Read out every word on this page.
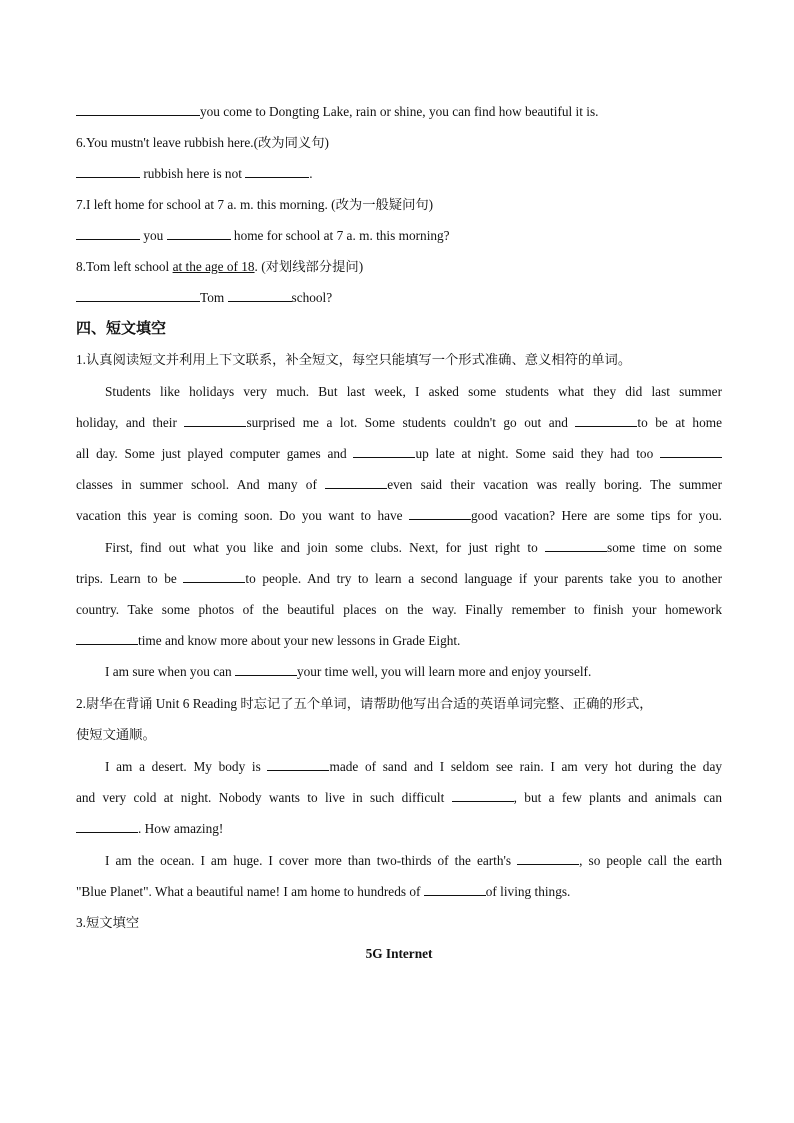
you come to Dongting Lake, rain or shine, you can find how beautiful it is.
6.You mustn't leave rubbish here.(改为同义句)
rubbish here is not	.
7.I left home for school at 7 a. m. this morning. (改为一般疑问句)
you	home for school at 7 a. m. this morning?
8.Tom left school at the age of 18. (对划线部分提问)
Tom	school?
四、短文填空
1.认真阅读短文并利用上下文联系，补全短文，每空只能填写一个形式准确、意义相符的单词。
Students like holidays very much. But last week, I asked some students what they did last summer
holiday, and their	surprised me a lot. Some students couldn't go out and	to be at home
all day. Some just played computer games and	up late at night. Some said they had too
classes in summer school. And many of	even said their vacation was really boring. The summer
vacation this year is coming soon. Do you want to have	good vacation? Here are some tips for you.
First, find out what you like and join some clubs. Next, for just right to	some time on some
trips. Learn to be	to people. And try to learn a second language if your parents take you to another
country. Take some photos of the beautiful places on the way. Finally remember to finish your homework
time and know more about your new lessons in Grade Eight.
I am sure when you can	your time well, you will learn more and enjoy yourself.
2.尉华在背诵 Unit 6 Reading 时忘记了五个单词，请帮助他写出合适的英语单词完整、正确的形式，
使短文通顺。
I am a desert. My body is	made of sand and I seldom see rain. I am very hot during the day
and very cold at night. Nobody wants to live in such difficult	, but a few plants and animals can
. How amazing!
I am the ocean. I am huge. I cover more than two-thirds of the earth's	, so people call the earth
"Blue Planet". What a beautiful name! I am home to hundreds of	of living things.
3.短文填空
5G Internet
